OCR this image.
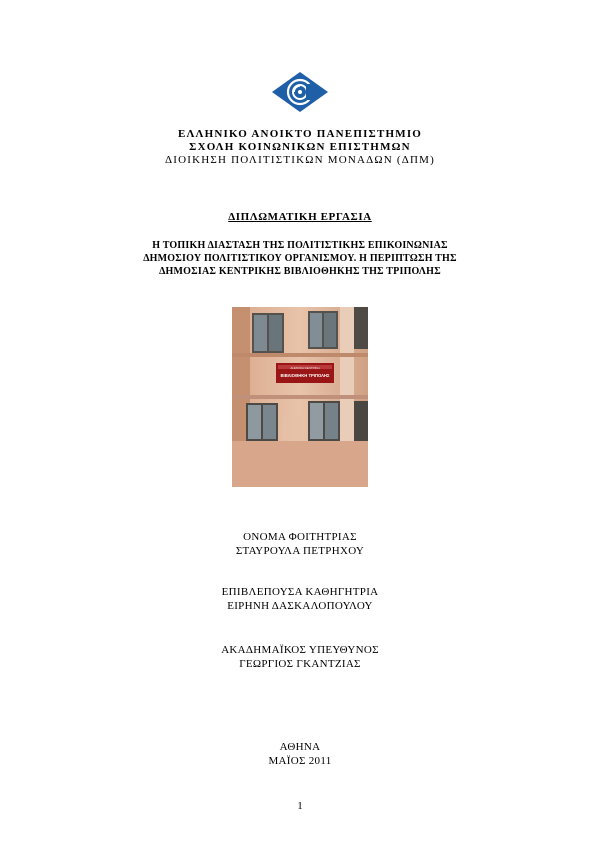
ΕΛΛΗΝΙΚΟ ΑΝΟΙΚΤΟ ΠΑΝΕΠΙΣΤΗΜΙΟ
ΣΧΟΛΗ ΚΟΙΝΩΝΙΚΩΝ ΕΠΙΣΤΗΜΩΝ
ΔΙΟΙΚΗΣΗ ΠΟΛΙΤΙΣΤΙΚΩΝ ΜΟΝΑΔΩΝ (ΔΠΜ)
ΔΙΠΛΩΜΑΤΙΚΗ ΕΡΓΑΣΙΑ
Η ΤΟΠΙΚΗ ΔΙΑΣΤΑΣΗ ΤΗΣ ΠΟΛΙΤΙΣΤΙΚΗΣ ΕΠΙΚΟΙΝΩΝΙΑΣ
ΔΗΜΟΣΙΟΥ ΠΟΛΙΤΙΣΤΙΚΟΥ ΟΡΓΑΝΙΣΜΟΥ. Η ΠΕΡΙΠΤΩΣΗ ΤΗΣ
ΔΗΜΟΣΙΑΣ ΚΕΝΤΡΙΚΗΣ ΒΙΒΛΙΟΘΗΚΗΣ ΤΗΣ ΤΡΙΠΟΛΗΣ
ΔΗΜΟΣΙΑ ΚΕΝΤΡΙΚΗ
ΒΙΒΛΙΟΘΗΚΗ ΤΡΙΠΟΛΗΣ
ΟΝΟΜΑ ΦΟΙΤΗΤΡΙΑΣ
ΣΤΑΥΡΟΥΛΑ ΠΕΤΡΗΧΟΥ
ΕΠΙΒΛΕΠΟΥΣΑ ΚΑΘΗΓΗΤΡΙΑ
ΕΙΡΗΝΗ ΔΑΣΚΑΛΟΠΟΥΛΟΥ
ΑΚΑΔΗΜΑΪΚΟΣ ΥΠΕΥΘΥΝΟΣ
ΓΕΩΡΓΙΟΣ ΓΚΑΝΤΖΙΑΣ
ΑΘΗΝΑ
ΜΑΪΟΣ 2011
1
